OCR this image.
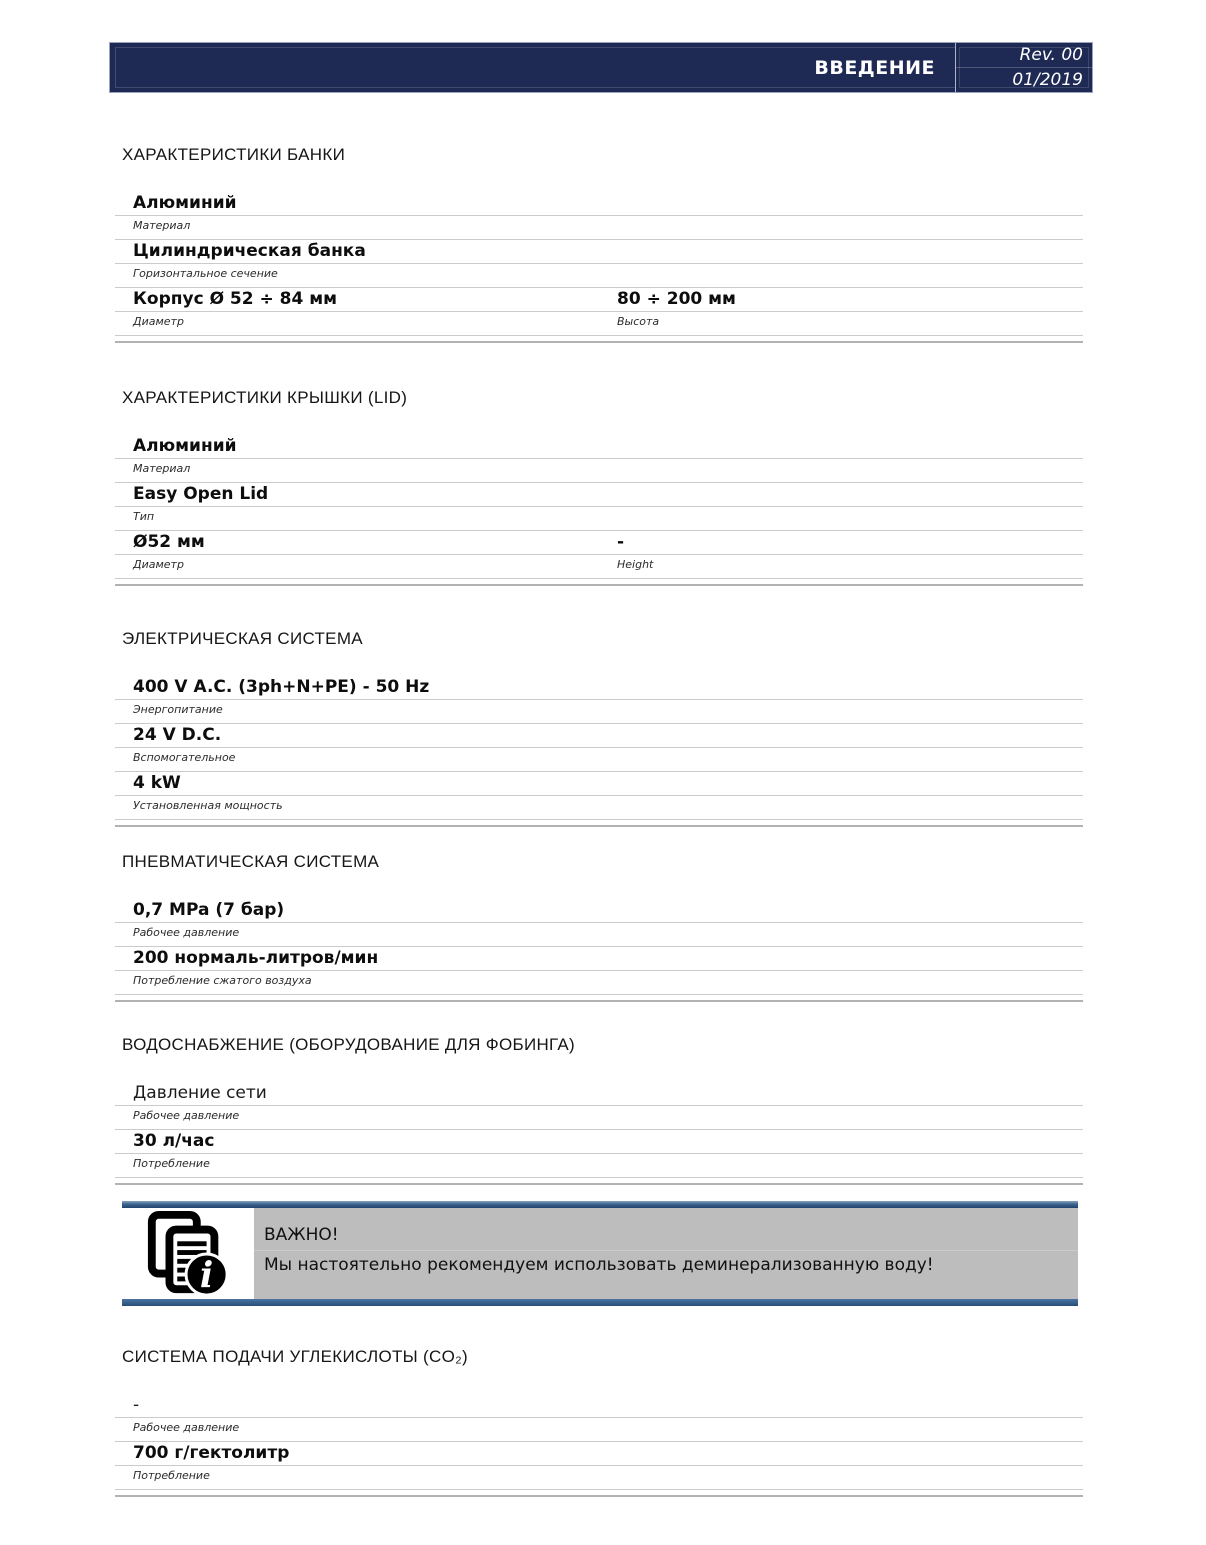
ВВЕДЕНИЕ
Rev. 00
01/2019
ХАРАКТЕРИСТИКИ БАНКИ
Алюминий
Материал
Цилиндрическая банка
Горизонтальное сечение
Корпус Ø 52 ÷ 84 мм	80 ÷ 200 мм
Диаметр	Высота
ХАРАКТЕРИСТИКИ КРЫШКИ (LID)
Алюминий
Материал
Easy Open Lid
Тип
Ø52 мм	-
Диаметр	Height
ЭЛЕКТРИЧЕСКАЯ СИСТЕМА
400 V A.C. (3ph+N+PE) - 50 Hz
Энергопитание
24 V D.C.
Вспомогательное
4 kW
Установленная мощность
ПНЕВМАТИЧЕСКАЯ СИСТЕМА
0,7 MPa (7 бар)
Рабочее давление
200 нормаль-литров/мин
Потребление сжатого воздуха
ВОДОСНАБЖЕНИЕ (ОБОРУДОВАНИЕ ДЛЯ ФОБИНГА)
Давление сети
Рабочее давление
30 л/час
Потребление
i
ВАЖНО!
Мы настоятельно рекомендуем использовать деминерализованную воду!
СИСТЕМА ПОДАЧИ УГЛЕКИСЛОТЫ (CO₂)
-
Рабочее давление
700 г/гектолитр
Потребление
